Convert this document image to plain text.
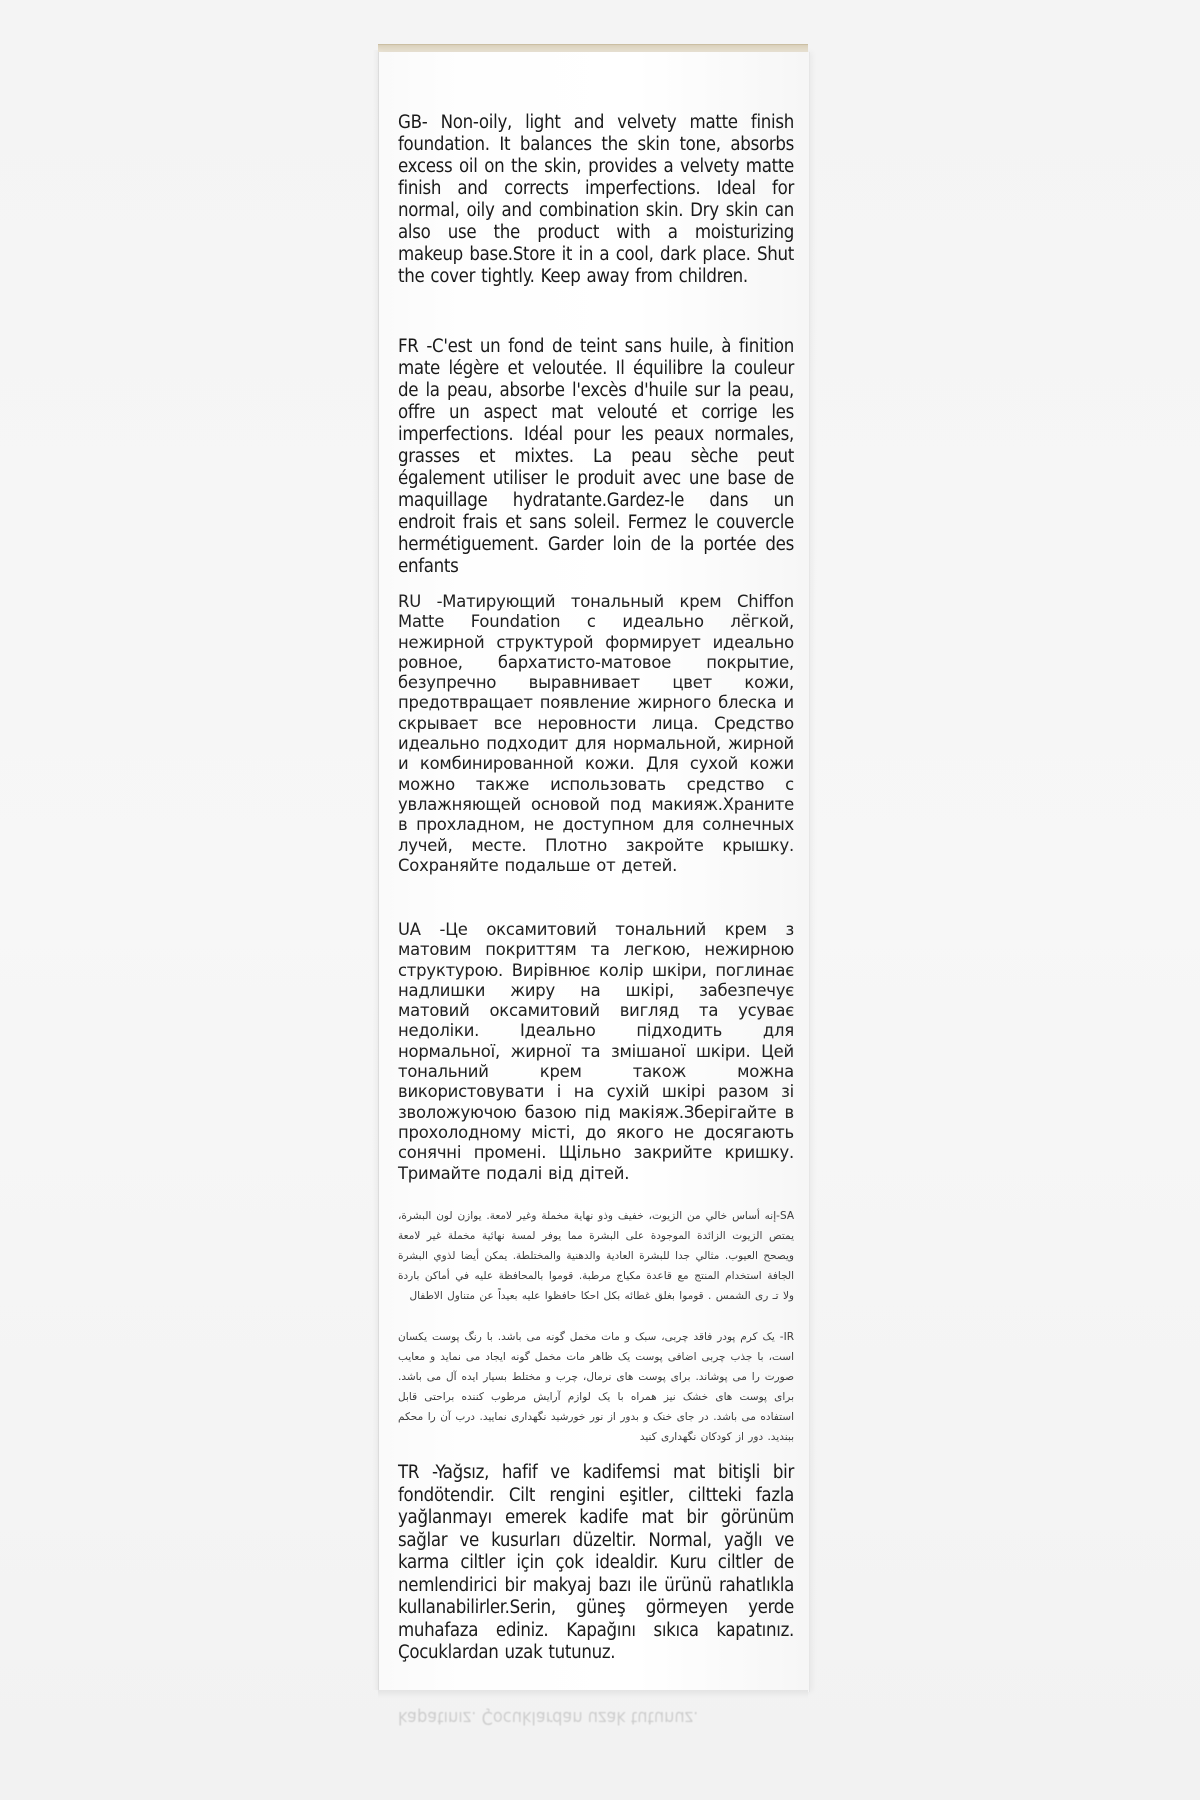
GB- Non-oily, light and velvety matte finish foundation. It balances the skin tone, absorbs excess oil on the skin, provides a velvety matte finish and corrects imperfections. Ideal for normal, oily and combination skin. Dry skin can also use the product with a moisturizing makeup base.Store it in a cool, dark place. Shut the cover tightly. Keep away from children.

FR -C'est un fond de teint sans huile, à finition mate légère et veloutée. Il équilibre la couleur de la peau, absorbe l'excès d'huile sur la peau, offre un aspect mat velouté et corrige les imperfections. Idéal pour les peaux normales, grasses et mixtes. La peau sèche peut également utiliser le produit avec une base de maquillage hydratante.Gardez-le dans un endroit frais et sans soleil. Fermez le couvercle hermétiguement. Garder loin de la portée des enfants

RU -Матирующий тональный крем Chiffon Matte Foundation с идеально лёгкой, нежирной структурой формирует идеально ровное, бархатисто-матовое покрытие, безупречно выравнивает цвет кожи, предотвращает появление жирного блеска и скрывает все неровности лица. Средство идеально подходит для нормальной, жирной и комбинированной кожи. Для сухой кожи можно также использовать средство с увлажняющей основой под макияж.Храните в прохладном, не доступном для солнечных лучей, месте. Плотно закройте крышку. Сохраняйте подальше от детей.

UA -Це оксамитовий тональний крем з матовим покриттям та легкою, нежирною структурою. Вирівнює колір шкіри, поглинає надлишки жиру на шкірі, забезпечує матовий оксамитовий вигляд та усуває недоліки. Ідеально підходить для нормальної, жирної та змішаної шкіри. Цей тональний крем також можна використовувати і на сухій шкірі разом зі зволожуючою базою під макіяж.Зберігайте в прохолодному місті, до якого не досягають сонячні промені. Щільно закрийте кришку. Тримайте подалі від дітей.

SA-إنه أساس خالي من الزيوت، خفيف وذو نهاية مخملة وغير لامعة. يوازن لون البشرة، يمتص الزيوت الزائدة الموجودة على البشرة مما يوفر لمسة نهائية مخملة غير لامعة ويصحح العيوب. مثالي جدا للبشرة العادية والدهنية والمختلطة. يمكن أيضا لذوي البشرة الجافة استخدام المنتج مع قاعدة مكياج مرطبة. قوموا بالمحافظة عليه في أماكن باردة ولا تـ رى الشمس . قوموا بغلق غطائه بكل احكا حافظوا عليه بعيداً عن متناول الاطفال

IR- یک کرم پودر فاقد چربی، سبک و مات مخمل گونه می باشد. با رنگ پوست یکسان است، با جذب چربی اضافی پوست یک ظاهر مات مخمل گونه ایجاد می نماید و معایب صورت را می پوشاند. برای پوست های نرمال، چرب و مختلط بسیار ایده آل می باشد. برای پوست های خشک نیز همراه با یک لوازم آرایش مرطوب کننده براحتی قابل استفاده می باشد. در جای خنک و بدور از نور خورشید نگهداری نمایید. درب آن را محکم ببندید. دور از کودکان نگهداری کنید

TR -Yağsız, hafif ve kadifemsi mat bitişli bir fondötendir. Cilt rengini eşitler, ciltteki fazla yağlanmayı emerek kadife mat bir görünüm sağlar ve kusurları düzeltir. Normal, yağlı ve karma ciltler için çok idealdir. Kuru ciltler de nemlendirici bir makyaj bazı ile ürünü rahatlıkla kullanabilirler.Serin, güneş görmeyen yerde muhafaza ediniz. Kapağını sıkıca kapatınız. Çocuklardan uzak tutunuz.

kapatınız. Çocuklardan uzak tutunuz.
